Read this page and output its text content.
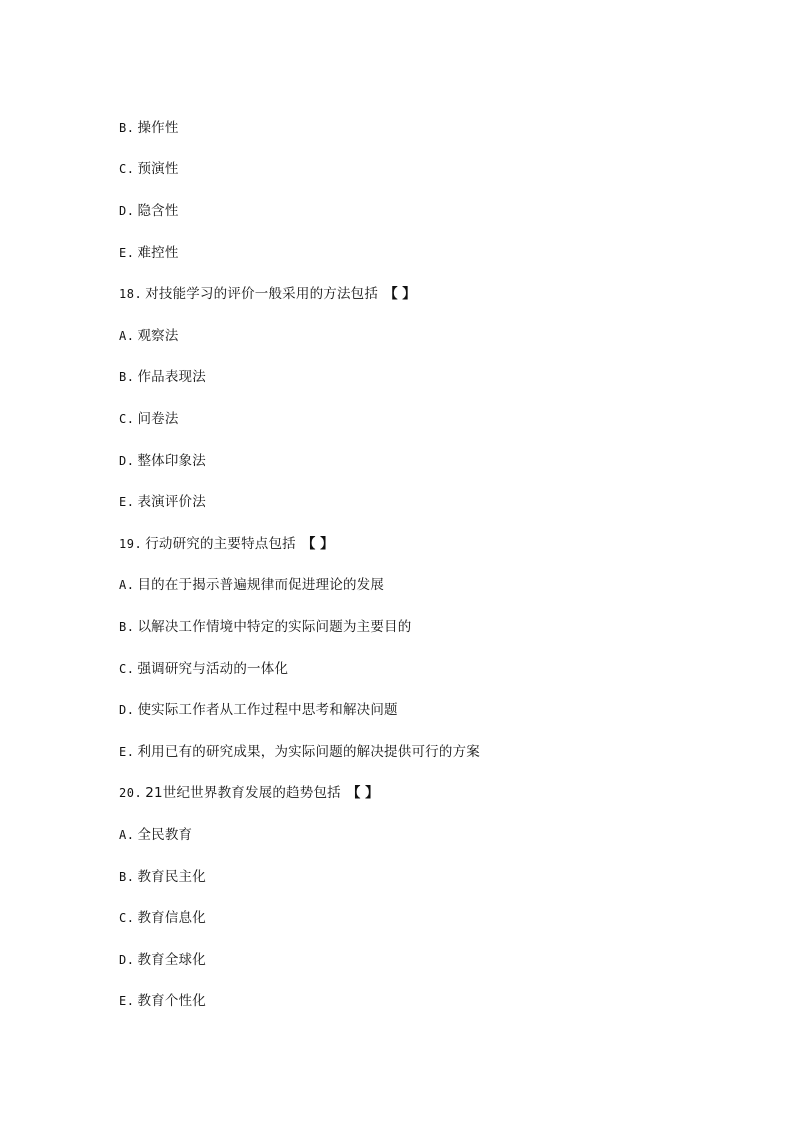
B. 操作性
C. 预演性
D. 隐含性
E. 难控性
18. 对技能学习的评价一般采用的方法包括 【 】
A. 观察法
B. 作品表现法
C. 问卷法
D. 整体印象法
E. 表演评价法
19. 行动研究的主要特点包括 【 】
A. 目的在于揭示普遍规律而促进理论的发展
B. 以解决工作情境中特定的实际问题为主要目的
C. 强调研究与活动的一体化
D. 使实际工作者从工作过程中思考和解决问题
E. 利用已有的研究成果，为实际问题的解决提供可行的方案
20. 21世纪世界教育发展的趋势包括 【 】
A. 全民教育
B. 教育民主化
C. 教育信息化
D. 教育全球化
E. 教育个性化
